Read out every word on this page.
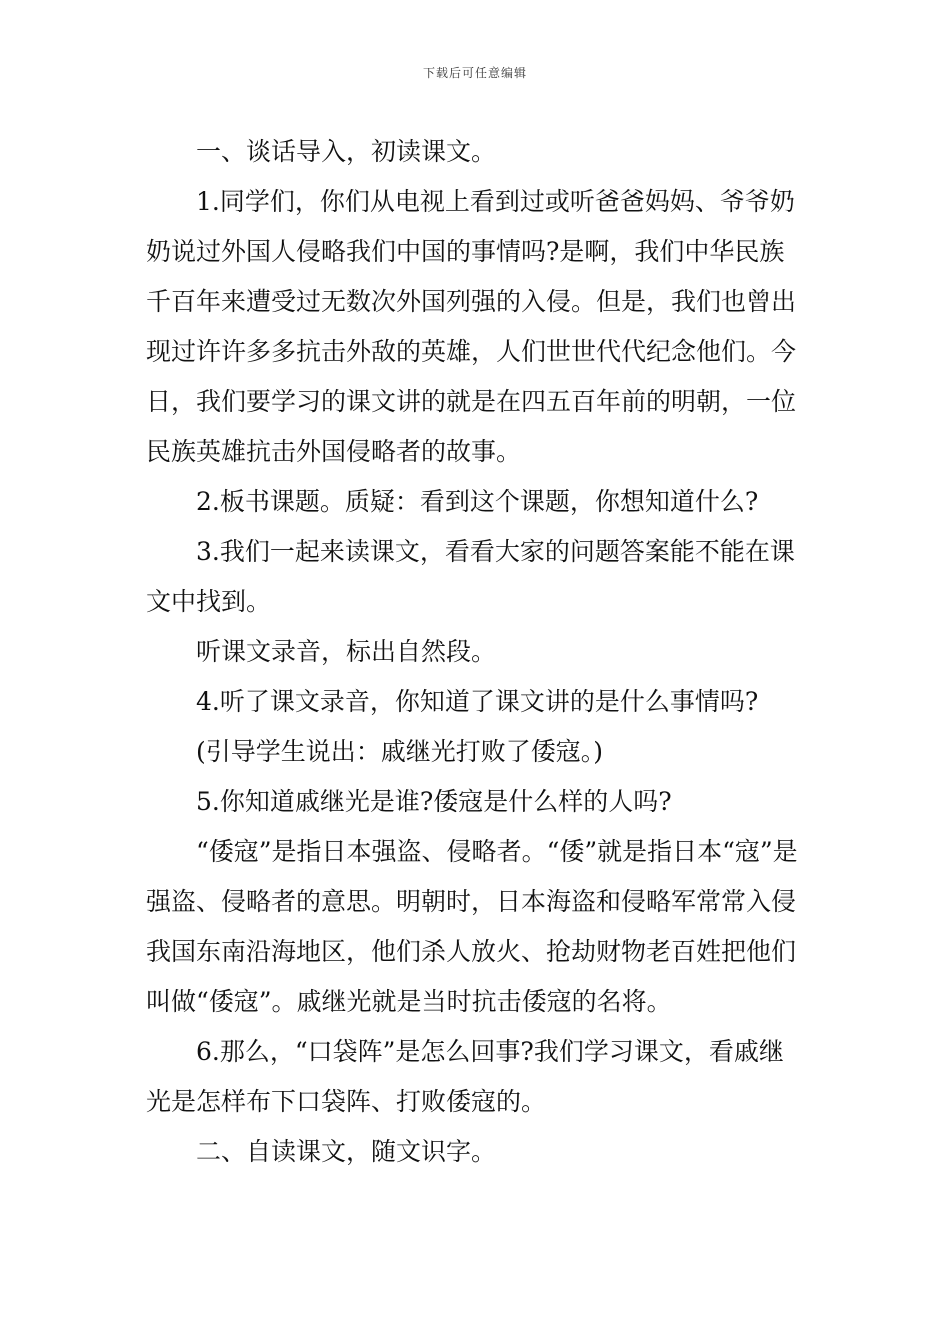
下载后可任意编辑

一、谈话导入，初读课文。

1.同学们，你们从电视上看到过或听爸爸妈妈、爷爷奶奶说过外国人侵略我们中国的事情吗?是啊，我们中华民族千百年来遭受过无数次外国列强的入侵。但是，我们也曾出现过许许多多抗击外敌的英雄，人们世世代代纪念他们。今日，我们要学习的课文讲的就是在四五百年前的明朝，一位民族英雄抗击外国侵略者的故事。

2.板书课题。质疑：看到这个课题，你想知道什么?

3.我们一起来读课文，看看大家的问题答案能不能在课文中找到。

听课文录音，标出自然段。

4.听了课文录音，你知道了课文讲的是什么事情吗?

(引导学生说出：戚继光打败了倭寇。)

5.你知道戚继光是谁?倭寇是什么样的人吗?

“倭寇”是指日本强盗、侵略者。“倭”就是指日本“寇”是强盗、侵略者的意思。明朝时，日本海盗和侵略军常常入侵我国东南沿海地区，他们杀人放火、抢劫财物老百姓把他们叫做“倭寇”。戚继光就是当时抗击倭寇的名将。

6.那么，“口袋阵”是怎么回事?我们学习课文，看戚继光是怎样布下口袋阵、打败倭寇的。

二、自读课文，随文识字。
